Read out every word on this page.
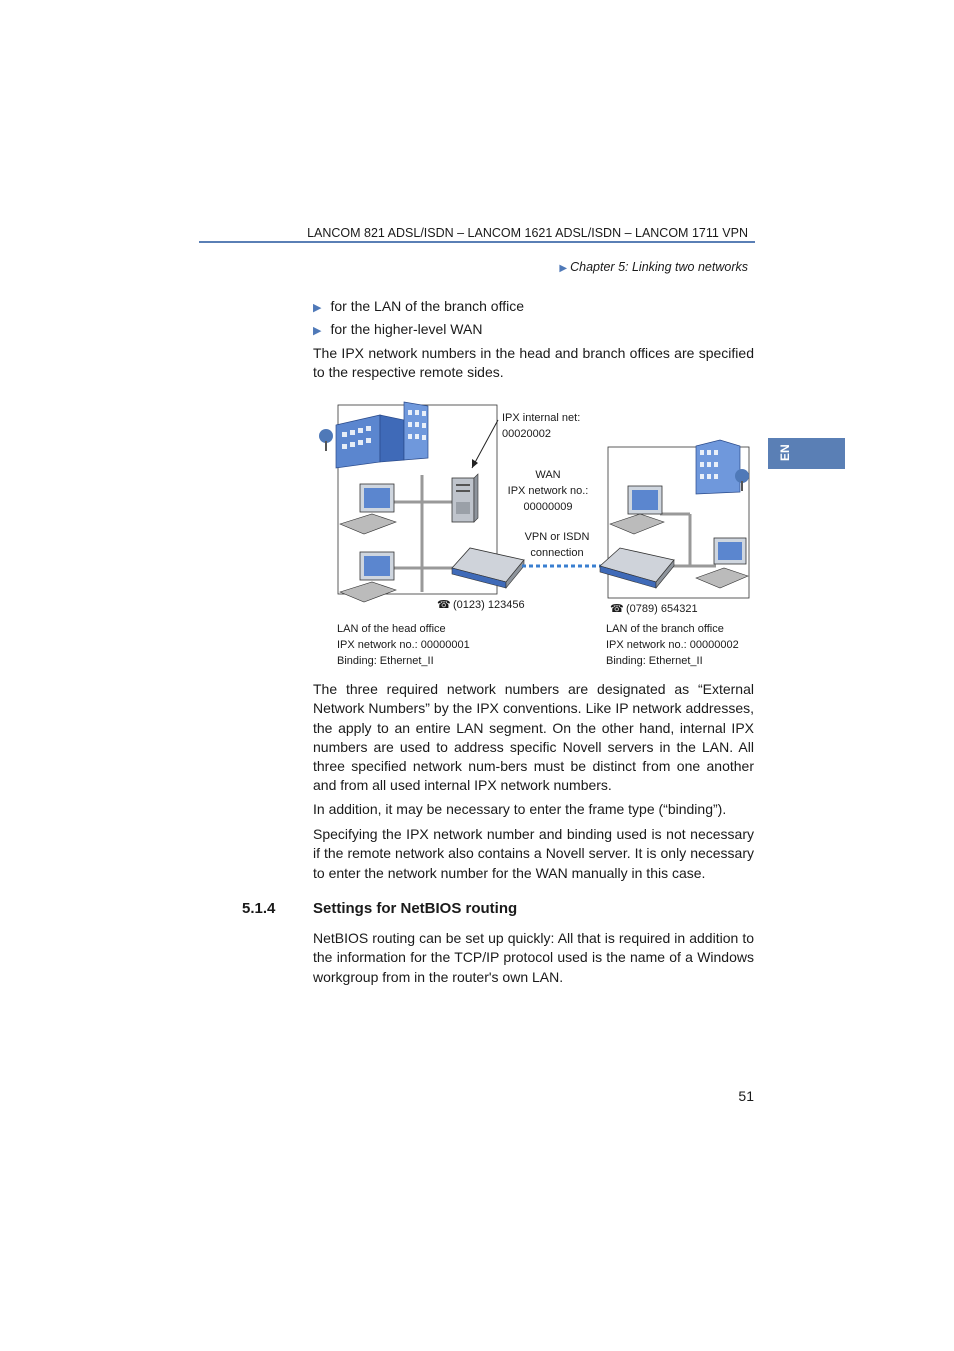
LANCOM 821 ADSL/ISDN – LANCOM 1621 ADSL/ISDN – LANCOM 1711 VPN
▶ Chapter 5: Linking two networks
EN
▶ for the LAN of the branch office
▶ for the higher-level WAN
The IPX network numbers in the head and branch offices are specified to the respective remote sides.
IPX internal net:
00020002
WAN
IPX network no.:
00000009
VPN or ISDN
connection
☎ (0123) 123456	☎ (0789) 654321
LAN of the head office
IPX network no.: 00000001
Binding: Ethernet_II
LAN of the branch office
IPX network no.: 00000002
Binding: Ethernet_II
The three required network numbers are designated as “External Network Numbers” by the IPX conventions. Like IP network addresses, the apply to an entire LAN segment. On the other hand, internal IPX numbers are used to address specific Novell servers in the LAN. All three specified network num-bers must be distinct from one another and from all used internal IPX network numbers.
In addition, it may be necessary to enter the frame type (“binding”).
Specifying the IPX network number and binding used is not necessary if the remote network also contains a Novell server. It is only necessary to enter the network number for the WAN manually in this case.
5.1.4	Settings for NetBIOS routing
NetBIOS routing can be set up quickly: All that is required in addition to the information for the TCP/IP protocol used is the name of a Windows workgroup from in the router's own LAN.
51
